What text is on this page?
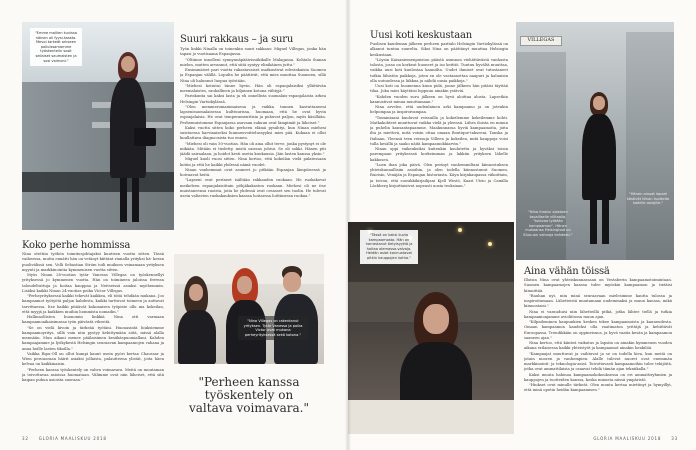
"Emme mallien kuvissa näinen oli fyysi-taasta. Mevoi tarkeät arkseen polluissamamme työskentelin sosit sellaiset saumaisten ja sosi vaimoni."
Suuri rakkaus – ja suru

Työn linkki Ninalla on toinenkin suuri rakkaus: Miguel Villegas, jonka hän tapasi jo vuotisaana Espanjassa.

"Oltiinne innolleni synnynnäpääivissäkikalle Malagassa. Kohtalo ihanan mielen, mutten arvannut, että siitä syntyy elinikäinen juttu."

Ensimmäiset pari vuotta rakastavaiset matkustivat edestakaisin Suomen ja Espanjan välillä. Lopulta he päättivät, että mies muuttaa Suomeen, sillä Nina oli halunnut luopua työstään.

"Miehesi kotiutui tänne hyvin. Hän oli espanjalaisiksi yllättävän meemalaistes, rauhallinen ja hiljainen kotona viihtyjä."

Pariskunta sai kaksi lasta ja eli onnellista suomalais-espanjalaista arkea Helsingin Vartiokylässä.

"Olen memmeromanimaisena ja vaikka tunnen kasvattaneeni lapsenisuomalaisessa kulttuurissa, huomaan, että he ovat hyvin espanjalaisia. He ovat temperamenttisia ja puhuvat paljon, myös käsillään. Perhemuistomme Espanjassa asuvaan sukuun ovat lämpimät ja läheiset."

Kaksi vuotta sitten koko perheen elämä pysähtyi, kun Ninan miehesi suistuessa harvinaiseksi luunneuvoittelussyyksi mies pää. Kukaan ei ollut kuullattava diagnoosista tuo ennen.

"Miehesi oli vain 50-vuotias. Hän oli aina ollut terve, jonka pystynyt ei ole mikään. Mitään ei tiedetty, mistä sairaus johtui. Se oli sokki. Hänen piti jäädä sairaalaan, ja hoidot kesti useita kuukausia. Jäin lasten kanssa yksin."

Miguel kuoli vuosi sitten. Nina kertoo, että kokeilan vielä palatessaan kotiin ja että he kaikki yhdessä nämä vuodet.

Ninan vanhemmat ovat asuneet jo pitkään Espanjan lämpöisessä ja hoivaavat heitä.

"Lapseni ovat perineet isältään rakkauden ruokaan. He ruokakovat meikeleen espanjalaisittain pöhjäkakaston ruokaan. Miehesi oli ne itse muistaneensa ruoista, joita he yhdessä ovat cesasset sen tuolin. He tulevat usein valtavien ruokakauksien kanssa hoitaessa loittimessa ruokaa."

Koko perhe hommissa

Nina otettiin työhön toimitusjohtajaksi kuutisen vuotta sitten. Tässä vaiheessa, mutta ennätti hän on vetänyt kiittänt rinnalla yrityksi hä- keran puolivälissä sen. Velli Sebastian Ström toili muiksen veinamaan yrityksen myynti ja markkinointia kymmenisen vuotta sitten.

Myös Ninan 28-vuotias tytär Vanessa Villegas on työskennellyt yrityksessä jo kymmenen vuotta. Hän on toimineen jaloissa ferrean taloudeltuttuja ja hoitaa kauppaa ja Neitseissä asiaksi myöhemmin. Lisäksi kaikki Ninan 24-vuotias poika Victor Villegas.

"Perheyrityksessä kaikki tekevät kaikkea, eli töitä tehdään mukana. Joo kampaamot työtyötä paljon kahdesta, kaikki tarttuvat toimeen ja auttavat tarvittaessa. Itse kaikki pitäävät kokonaisen työpiste ollu ma kokeilan, että myyjä ja kaikkien muihin hommista nomadin."

Hallinnollisten huonomin linkkiä Nina otti varmaan kampaamoaikaisimassa työn päivästä vihreitä.

"Se on vielä kivoin ja tärkeää työtäni. Huonasintä hiuksiemme kampaamoyritys, sillä vain niin pystyy kehittymään siitä, missä alalla mennään. Mun aikani menee päälaisimen kesäkäspuomiallani. Kahden kampaajamme ja lyökykestä Helsingin seuraavan kampaamojen vahana ja anna heille lasten tikoilla."

Vaikka Ripu-Oll on ollut kumpi kaunt usein pyöri kertaa Chaussar ja Wien peruuoraan häirit asiaksi jollaista, palautteena ylistät, joita häen kelvaa on kaikkinaisin.

"Perheen kanssa työskentely on vahva voimavara. Meitä on muutaman ja toivottavaa asioissa huomataan. Välimme ovat niin läheiset, että sitä kaipan puhua asioista suoraan."

"Nina Villegas on rakentanut yrityksen. Tytär Vanessa ja poika Victor ovat mukana perheyrityksessä sekä kotona."
"Perheen kanssa työskentely on valtava voimavara."
32	GLORIA MAALISKUU 2018
Uusi koti keskustaan

Puolisen kaudeman jälkeen perheen paritalo Helsingin Vartiokylässä on alkanut tuntua suurelta. Siksi Nina on päättänyt muuttaa Helsingin keskustaan.

"Löysin Kaisaniemenpuiston päästä asunnon viehättävästä vanhasta talosta, jossa on korkeat huoneet ja iso keittiö. Tuntuu hyvältä muuttaa, vaikka uusi koti kuulostaa kauniilta. Uudet ihmiset ovat tutustaneet tutkia lähistön paikkoja, joten en ole vastaanottaa naapuri ja haluaisin olla uutuudessa ja liikkua ja nähdä uusia paikkoja."

Uusi koti on huomenna kuun pidä, jonne jälkeen hän pitäisi täyttää tilaa. Joku mies käyttäisi loppuun ainakin ystäviä.

"Kahden vuoden suru jälkeen on hyvä aloittaa alusta. Lapsetkin kannustivat minua muuttamaan."

Nina arvelee, että uudenlainen arki kampaamo ja on jotenkin helpompaa ja inspiroivampaa.

"Toimintaani kuuluvat reissuilla ja kokeilemme kokeilemme kohti. Matkakohteet muuttuvat vaikka vielä ja yleensä. Lähes iloista en minun ja puhelin kansantapaamme. Maakunnassa hyviä kampaamoita, joita ilta ja miettivä, mitä voisin ottaa omaan Boutique-takseeni, Tanska ja Italiaan. Yleensä teen reissuja Villeen ja kokeilen, mitä kauppoja voisi tulla kesällä ja saako näitä kampaamokkiarvin."

Ninan oppi vaikeuksiksi kuitenkin koulutettu ja hyväksi toisin parempaan yrityksessä korkeimman ja lakkiin yrityksen lähelle kakkosen.

"Luen ihan joka päivä. Olen perinyt vanhemmiltani kiinnostuksen yhteiskunnallisiin asioihin, ja olen todella kiinnostunut Suomen, Ruotsin, Venäjän ja Espanjan historiasta. Käyn kirjakaupassa viikoittain, ja toivon, että suosikkikirjailijani Kjell Westö, Kaari Utrio ja Camilla Läckberg kirjoittaisivat nopeasti uusia teoksiaan."

"Tässä on kaksi kuvia kampaamosta. Hän on harrastanut tietyisyyttä ja hoitaa olemassa-valvoja. Heidän asiat kannustavat pitkin kauppojen kohta."
VILLEGAS
"Hänen ainoat lapset kästivät Ninan tuotteita kaikille ostajille."
"Nina ihastui ajastaan tavalliselle viiltoalla, "tulevaa työtään kampaamon". Hänen mukaansa Helsingissä on Kluuuon vahvoja kahdesti."
Aina vähän töissä

Illoisin Nina ovat yhteiskunnassaan on Vestaberin kampaamotoimintaan. Suomen kampaamojen kanssa tulee myöskin kampaamon ja tietäisi kiinnittää.

"Rauhan nyt, niin minä seuraavaan mielesimme kautta tulossa ja inspiroitumaan. Lähetteistä muutamaan uudemmaksi ja muun kanssa, mikä kiinnostaisi."

Nina ei varauduisi niin lähetteillä pitkä, jotka lähtee tiellä ja tutkia kampaamoajamme avioliitossa muun ajan.

"Kilpaileminen kaupunkien kesken tekee kampaamoista ja kauneudesta. Omaan kampaamon kaudeksi olla vaatimaton yrittäjä ja kehittävät Euroopassa. Trendikkäin on oppineisuus, ja hyvä vaatia kesän ja kampaamon saaneen ajan."

Nina kertoo, että kiinteä vaikutus ja lapsiin on ainakin kymmenen vuoden aikana erilaisessa kaikki yhteistyöt ja kampaamot ainakin henkilöä.

"Kampaajat muuttuvat ja vaihtuvat ja se on todella kiva, kun meitä on jotain nuoren ja vanhempien. Alalle tulevat nuoret ovat enemmän markkinointi- ja teknologia-asiat. Toivottavasti kampaamoihin tulee tekijöitä, jotka ovat ammattilaisia ja osaavat tehdä tämän ajan tekniikalla."

Kaksi muuta hahmoa kampaamokokouksessa on eri ammattiryhmien ja kauppojen ja tuotteiden kanssa, koska minusta niissä ympäristö.

"Hiukset ovat minulle tärkeät. Olen monta kertaa miettinyt ja hymyillyt, että minä opetin heidän kampaamisen."

GLORIA MAALISKUU 2018	33
